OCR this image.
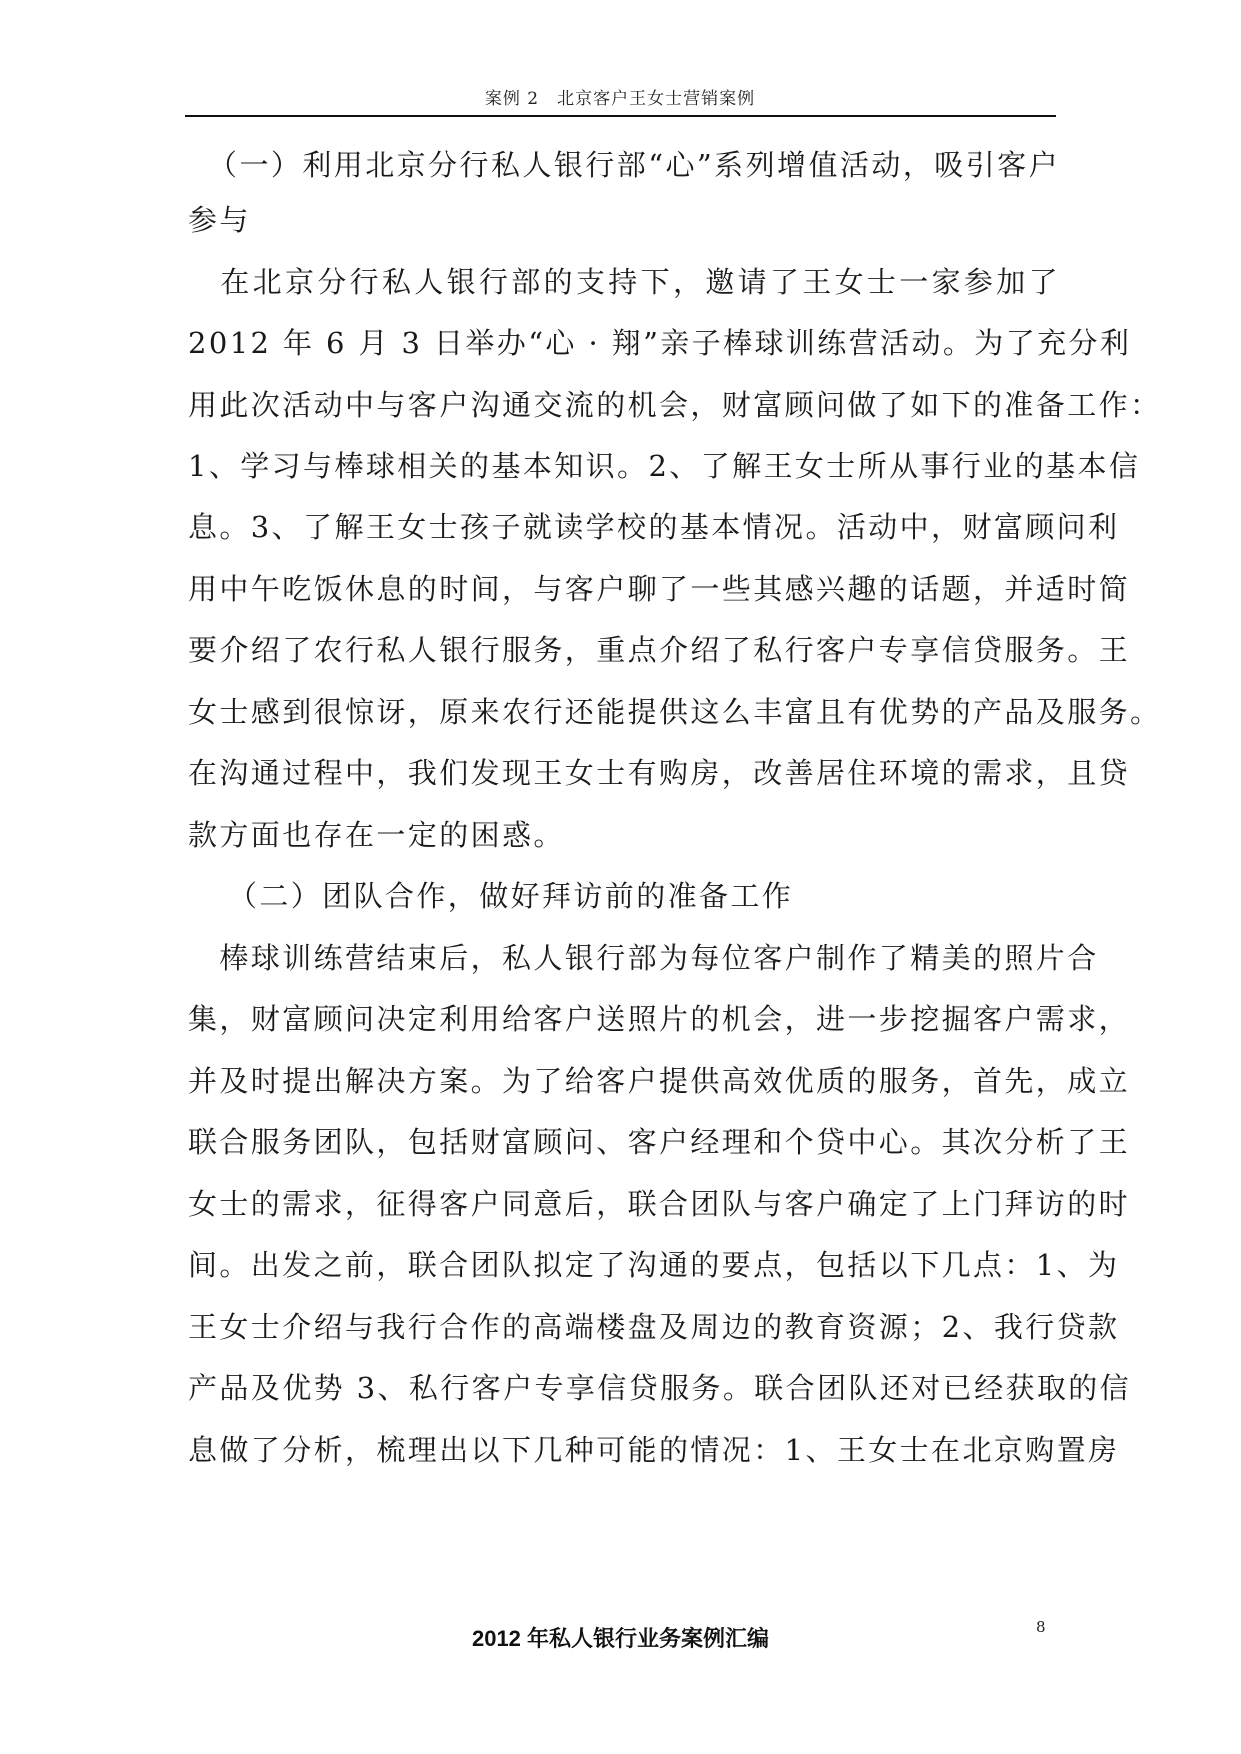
案例 2　北京客户王女士营销案例
（一）利用北京分行私人银行部“心”系列增值活动，吸引客户
参与
　在北京分行私人银行部的支持下，邀请了王女士一家参加了
2012 年 6 月 3 日举办“心 · 翔”亲子棒球训练营活动。为了充分利
用此次活动中与客户沟通交流的机会，财富顾问做了如下的准备工作：
1、学习与棒球相关的基本知识。2、了解王女士所从事行业的基本信
息。3、了解王女士孩子就读学校的基本情况。活动中，财富顾问利
用中午吃饭休息的时间，与客户聊了一些其感兴趣的话题，并适时简
要介绍了农行私人银行服务，重点介绍了私行客户专享信贷服务。王
女士感到很惊讶，原来农行还能提供这么丰富且有优势的产品及服务。
在沟通过程中，我们发现王女士有购房，改善居住环境的需求，且贷
款方面也存在一定的困惑。
（二）团队合作，做好拜访前的准备工作
　棒球训练营结束后，私人银行部为每位客户制作了精美的照片合
集，财富顾问决定利用给客户送照片的机会，进一步挖掘客户需求，
并及时提出解决方案。为了给客户提供高效优质的服务，首先，成立
联合服务团队，包括财富顾问、客户经理和个贷中心。其次分析了王
女士的需求，征得客户同意后，联合团队与客户确定了上门拜访的时
间。出发之前，联合团队拟定了沟通的要点，包括以下几点：1、为
王女士介绍与我行合作的高端楼盘及周边的教育资源；2、我行贷款
产品及优势 3、私行客户专享信贷服务。联合团队还对已经获取的信
息做了分析，梳理出以下几种可能的情况：1、王女士在北京购置房
2012 年私人银行业务案例汇编	8
